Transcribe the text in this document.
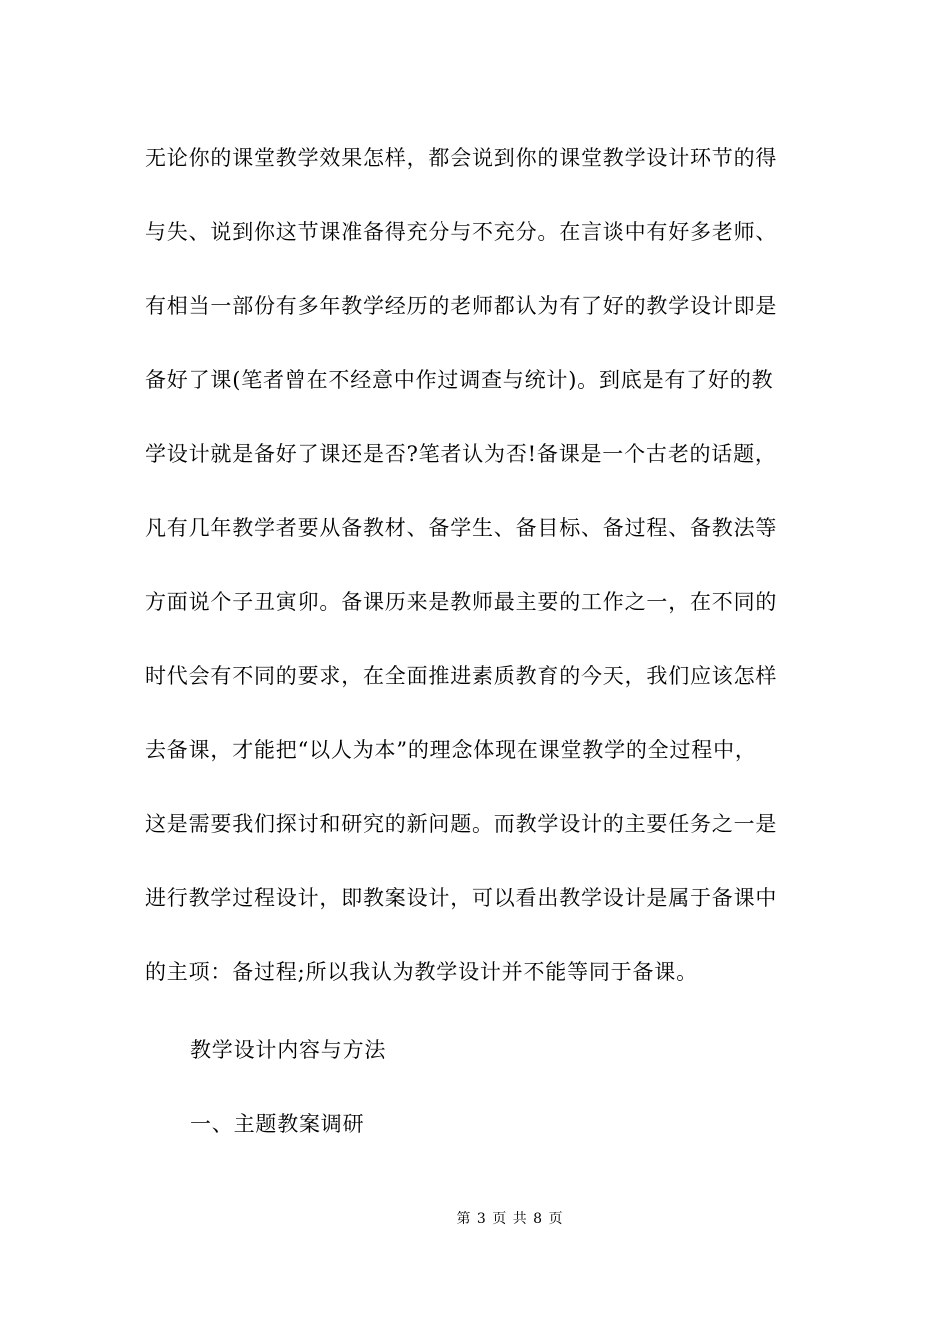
无论你的课堂教学效果怎样，都会说到你的课堂教学设计环节的得
与失、说到你这节课准备得充分与不充分。在言谈中有好多老师、
有相当一部份有多年教学经历的老师都认为有了好的教学设计即是
备好了课(笔者曾在不经意中作过调查与统计)。到底是有了好的教
学设计就是备好了课还是否?笔者认为否!备课是一个古老的话题，
凡有几年教学者要从备教材、备学生、备目标、备过程、备教法等
方面说个子丑寅卯。备课历来是教师最主要的工作之一，在不同的
时代会有不同的要求，在全面推进素质教育的今天，我们应该怎样
去备课，才能把“以人为本”的理念体现在课堂教学的全过程中，
这是需要我们探讨和研究的新问题。而教学设计的主要任务之一是
进行教学过程设计，即教案设计，可以看出教学设计是属于备课中
的主项：备过程;所以我认为教学设计并不能等同于备课。
教学设计内容与方法
一、主题教案调研
第 3 页 共 8 页
